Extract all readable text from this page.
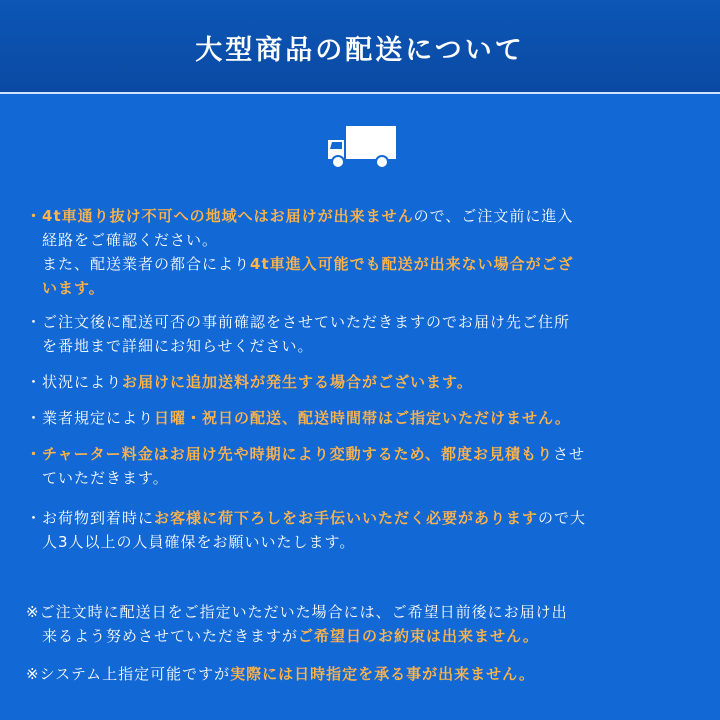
大型商品の配送について
・4t車通り抜け不可への地域へはお届けが出来ませんので、ご注文前に進入
経路をご確認ください。
また、配送業者の都合により4t車進入可能でも配送が出来ない場合がござ
います。
・ご注文後に配送可否の事前確認をさせていただきますのでお届け先ご住所
を番地まで詳細にお知らせください。
・状況によりお届けに追加送料が発生する場合がございます。
・業者規定により日曜・祝日の配送、配送時間帯はご指定いただけません。
・チャーター料金はお届け先や時期により変動するため、都度お見積もりさせ
ていただきます。
・お荷物到着時にお客様に荷下ろしをお手伝いいただく必要がありますので大
人3人以上の人員確保をお願いいたします。
※ご注文時に配送日をご指定いただいた場合には、ご希望日前後にお届け出
来るよう努めさせていただきますがご希望日のお約束は出来ません。
※システム上指定可能ですが実際には日時指定を承る事が出来ません。
